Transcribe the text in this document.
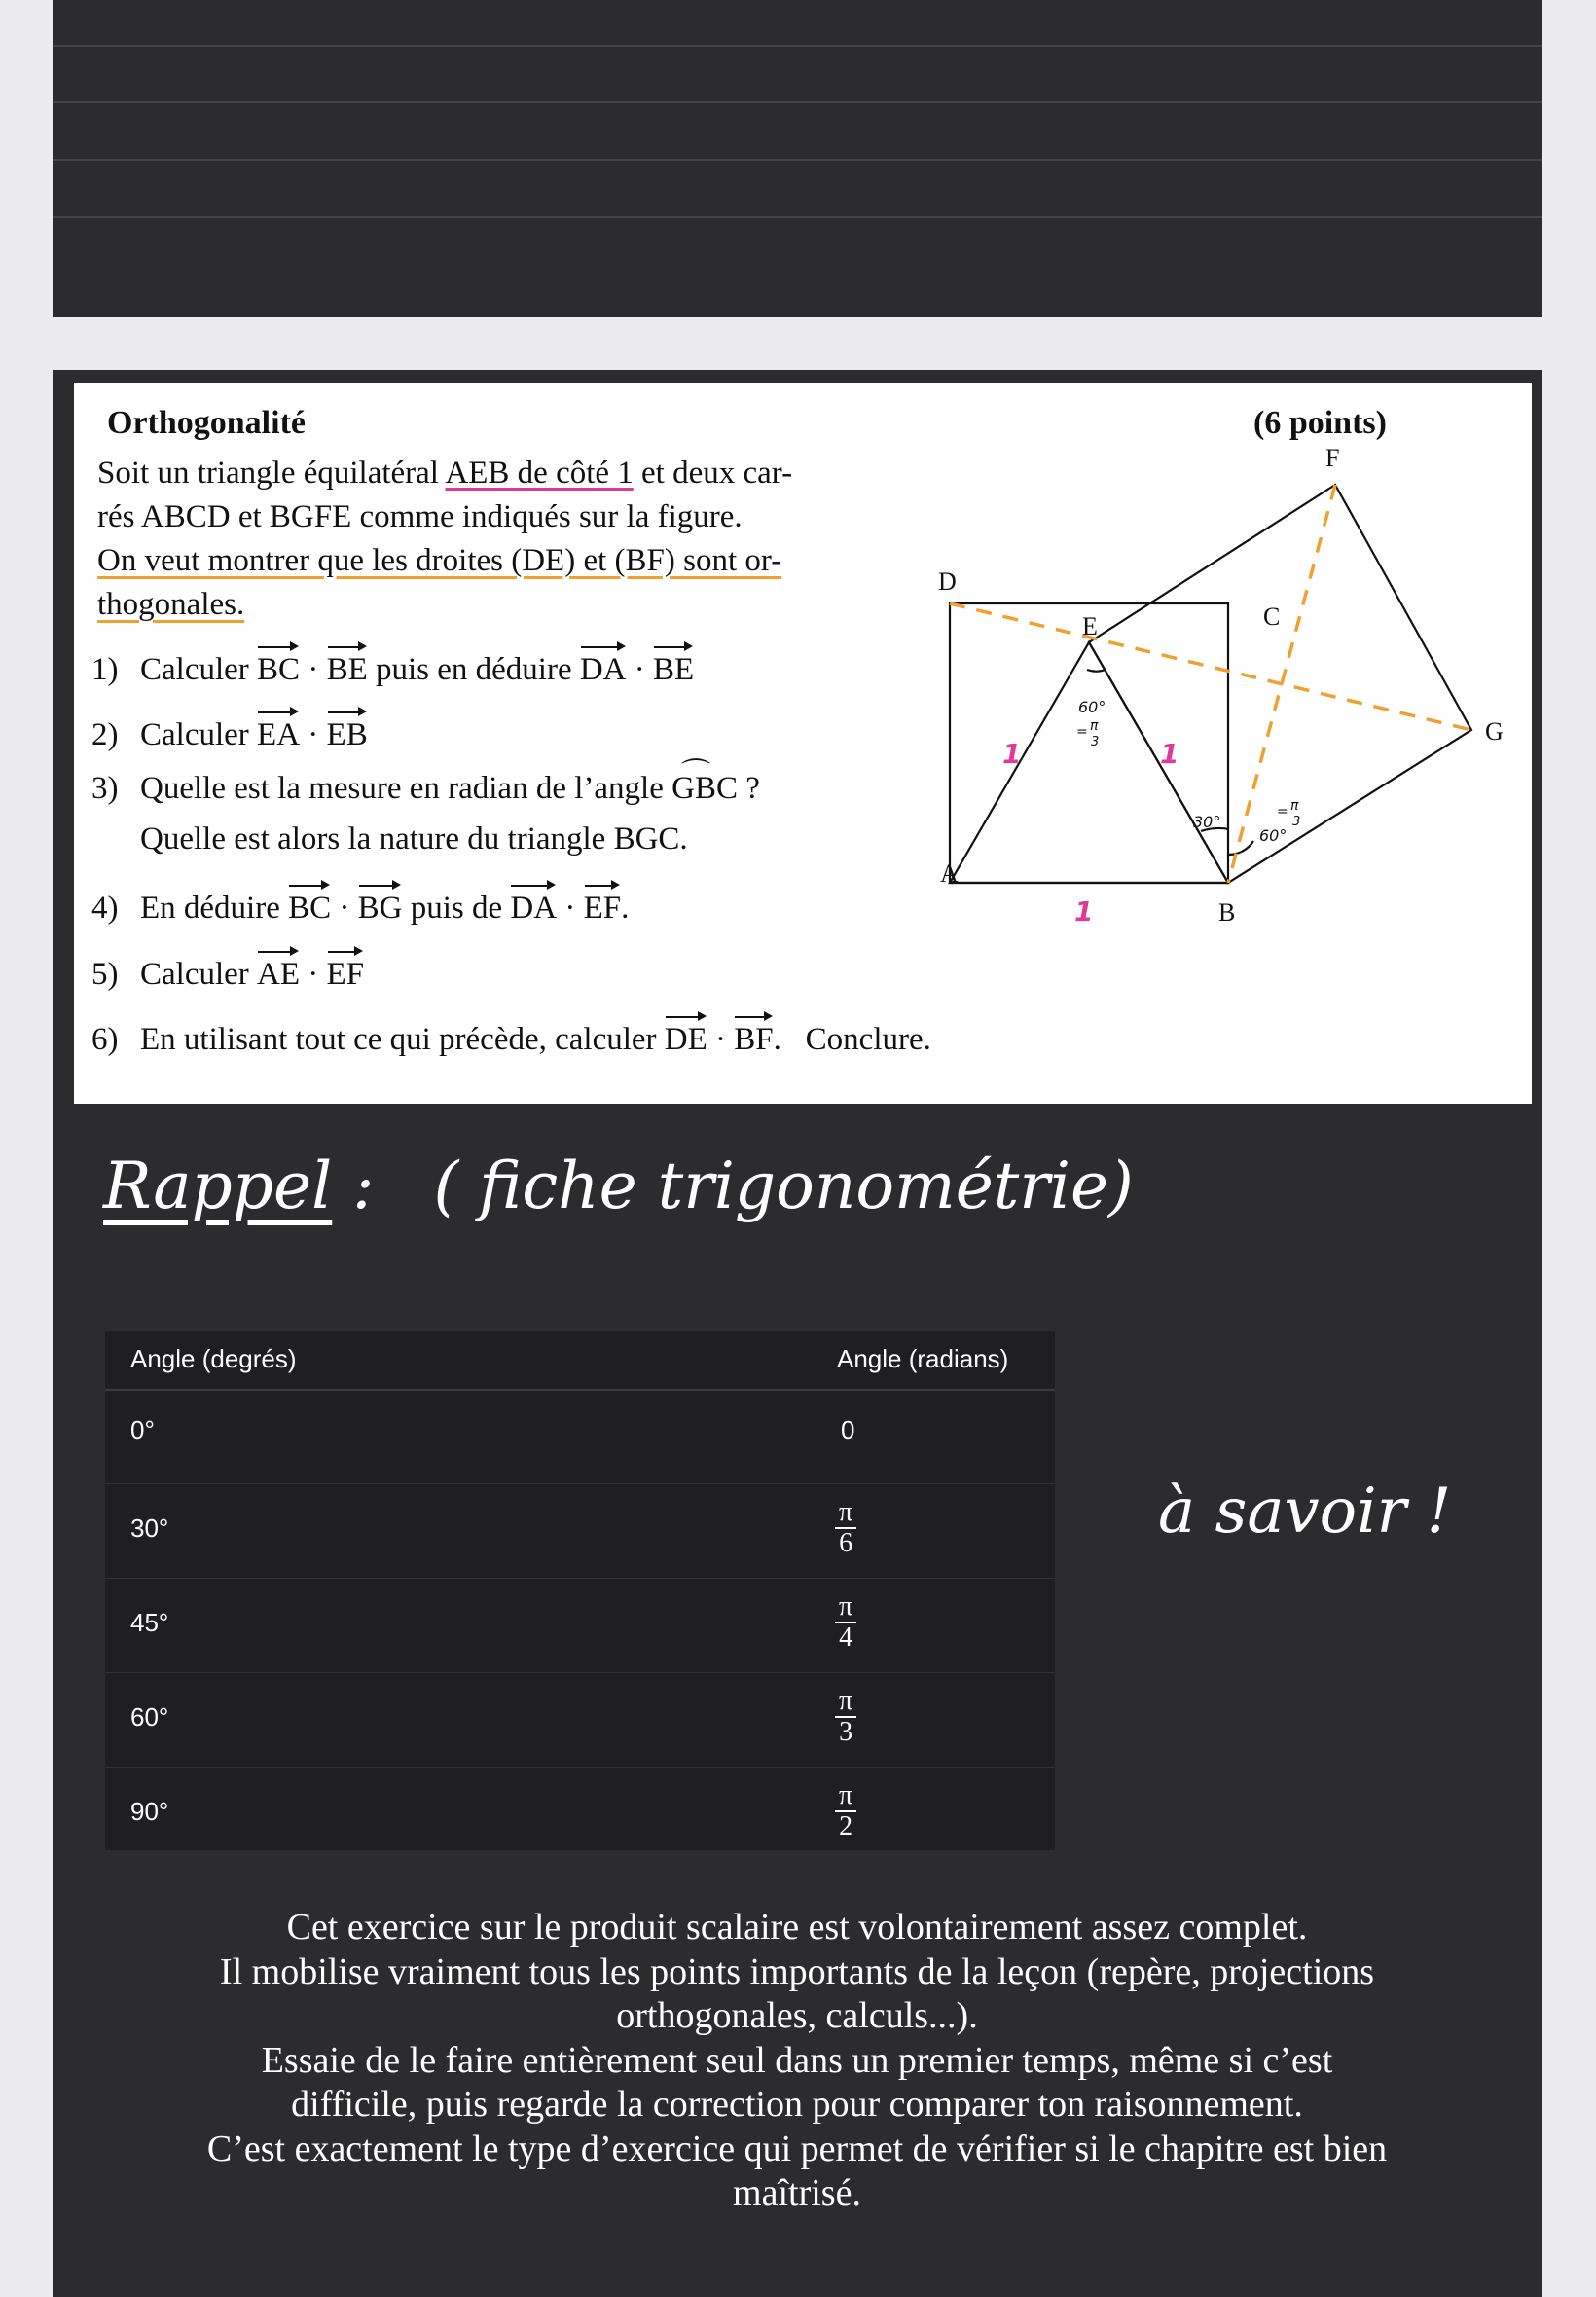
Orthogonalité	(6 points)
Soit un triangle équilatéral AEB de côté 1 et deux car-
rés ABCD et BGFE comme indiqués sur la figure.
On veut montrer que les droites (DE) et (BF) sont or-
thogonales.
1) Calculer BC · BE puis en déduire DA · BE
2) Calculer EA · EB
3) Quelle est la mesure en radian de l’angle ⌒ GBC ?
Quelle est alors la nature du triangle BGC.
4) En déduire BC · BG puis de DA · EF.
5) Calculer AE · EF
6) En utilisant tout ce qui précède, calculer DE · BF. Conclure.
A
B
C
D
E
F
G
1	1
1
60°
= π
3
30°
60°
= π
3
Rappel : ( fiche trigonométrie)
Angle (degrés)	Angle (radians)
0°	0
30°	$\frac{\pi}{6}$
45°	$\frac{\pi}{4}$
60°	$\frac{\pi}{3}$
90°	$\frac{\pi}{2}$
à savoir !
Cet exercice sur le produit scalaire est volontairement assez complet.
Il mobilise vraiment tous les points importants de la leçon (repère, projections
orthogonales, calculs...).
Essaie de le faire entièrement seul dans un premier temps, même si c’est
difficile, puis regarde la correction pour comparer ton raisonnement.
C’est exactement le type d’exercice qui permet de vérifier si le chapitre est bien
maîtrisé.
